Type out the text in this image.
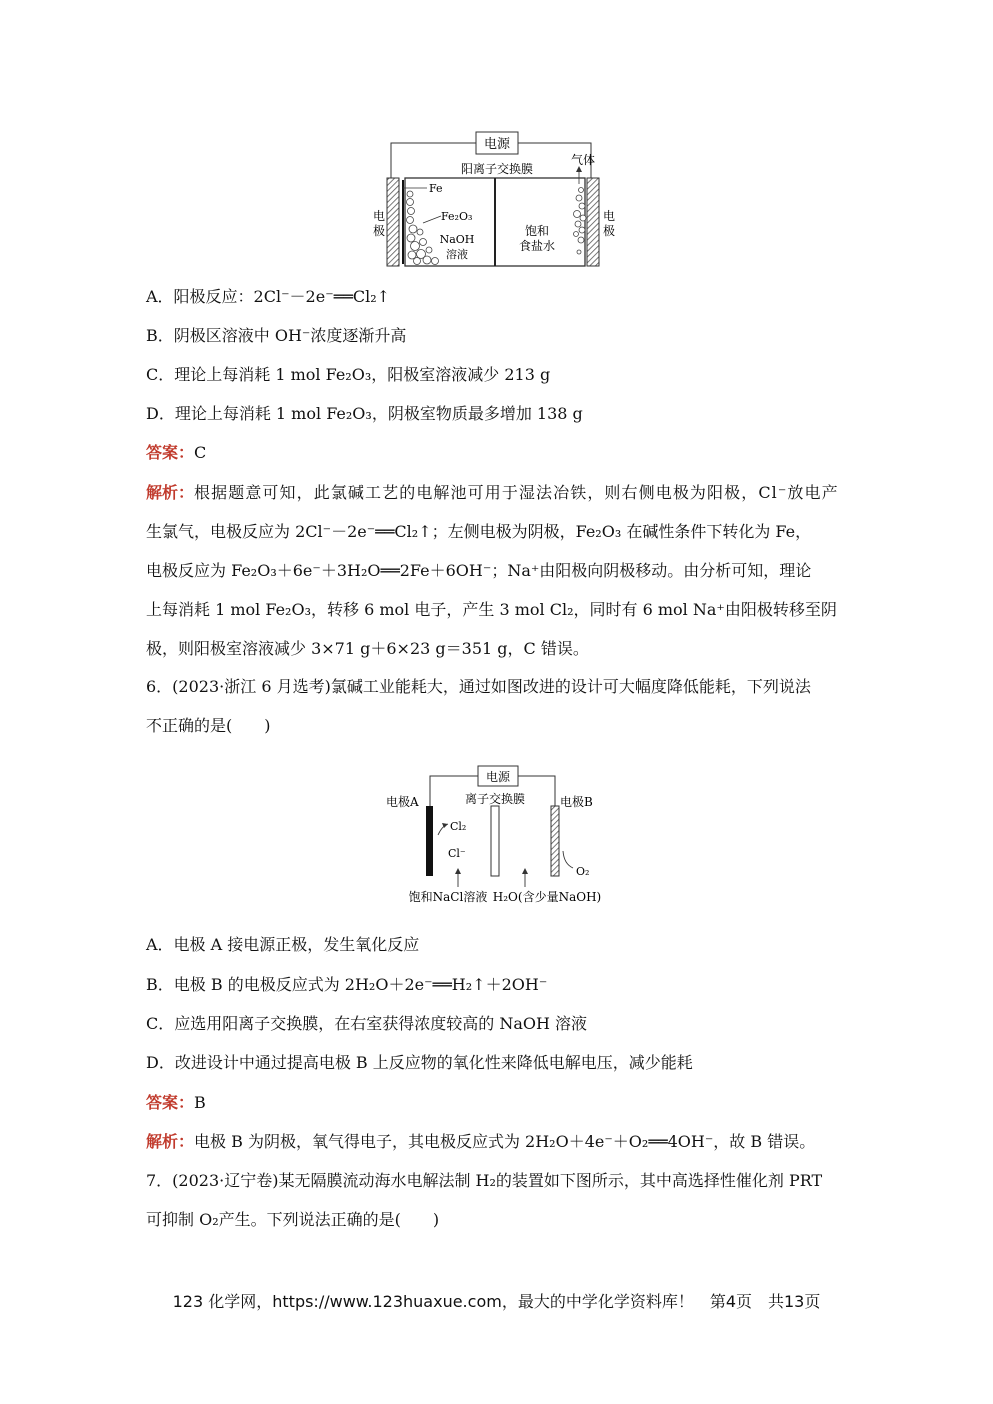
电源
阳离子交换膜
电
极
电
极
Fe
Fe₂O₃
NaOH
溶液
饱和
食盐水
气体
A．阳极反应：2Cl⁻－2e⁻══Cl₂↑
B．阴极区溶液中 OH⁻浓度逐渐升高
C．理论上每消耗 1 mol Fe₂O₃，阳极室溶液减少 213 g
D．理论上每消耗 1 mol Fe₂O₃，阴极室物质最多增加 138 g
答案：C
解析：根据题意可知，此氯碱工艺的电解池可用于湿法冶铁，则右侧电极为阳极，Cl⁻放电产
生氯气，电极反应为 2Cl⁻－2e⁻══Cl₂↑；左侧电极为阴极，Fe₂O₃ 在碱性条件下转化为 Fe，
电极反应为 Fe₂O₃＋6e⁻＋3H₂O══2Fe＋6OH⁻；Na⁺由阳极向阴极移动。由分析可知，理论
上每消耗 1 mol Fe₂O₃，转移 6 mol 电子，产生 3 mol Cl₂，同时有 6 mol Na⁺由阳极转移至阴
极，则阳极室溶液减少 3×71 g＋6×23 g＝351 g，C 错误。
6．(2023·浙江 6 月选考)氯碱工业能耗大，通过如图改进的设计可大幅度降低能耗，下列说法
不正确的是(　　)
电源
电极A	电极B
离子交换膜
Cl₂
Cl⁻
O₂
饱和NaCl溶液 H₂O(含少量NaOH)
A．电极 A 接电源正极，发生氧化反应
B．电极 B 的电极反应式为 2H₂O＋2e⁻══H₂↑＋2OH⁻
C．应选用阳离子交换膜，在右室获得浓度较高的 NaOH 溶液
D．改进设计中通过提高电极 B 上反应物的氧化性来降低电解电压，减少能耗
答案：B
解析：电极 B 为阴极，氧气得电子，其电极反应式为 2H₂O＋4e⁻＋O₂══4OH⁻，故 B 错误。
7．(2023·辽宁卷)某无隔膜流动海水电解法制 H₂的装置如下图所示，其中高选择性催化剂 PRT
可抑制 O₂产生。下列说法正确的是(　　)
123 化学网，https://www.123huaxue.com，最大的中学化学资料库！　第4页　共13页
